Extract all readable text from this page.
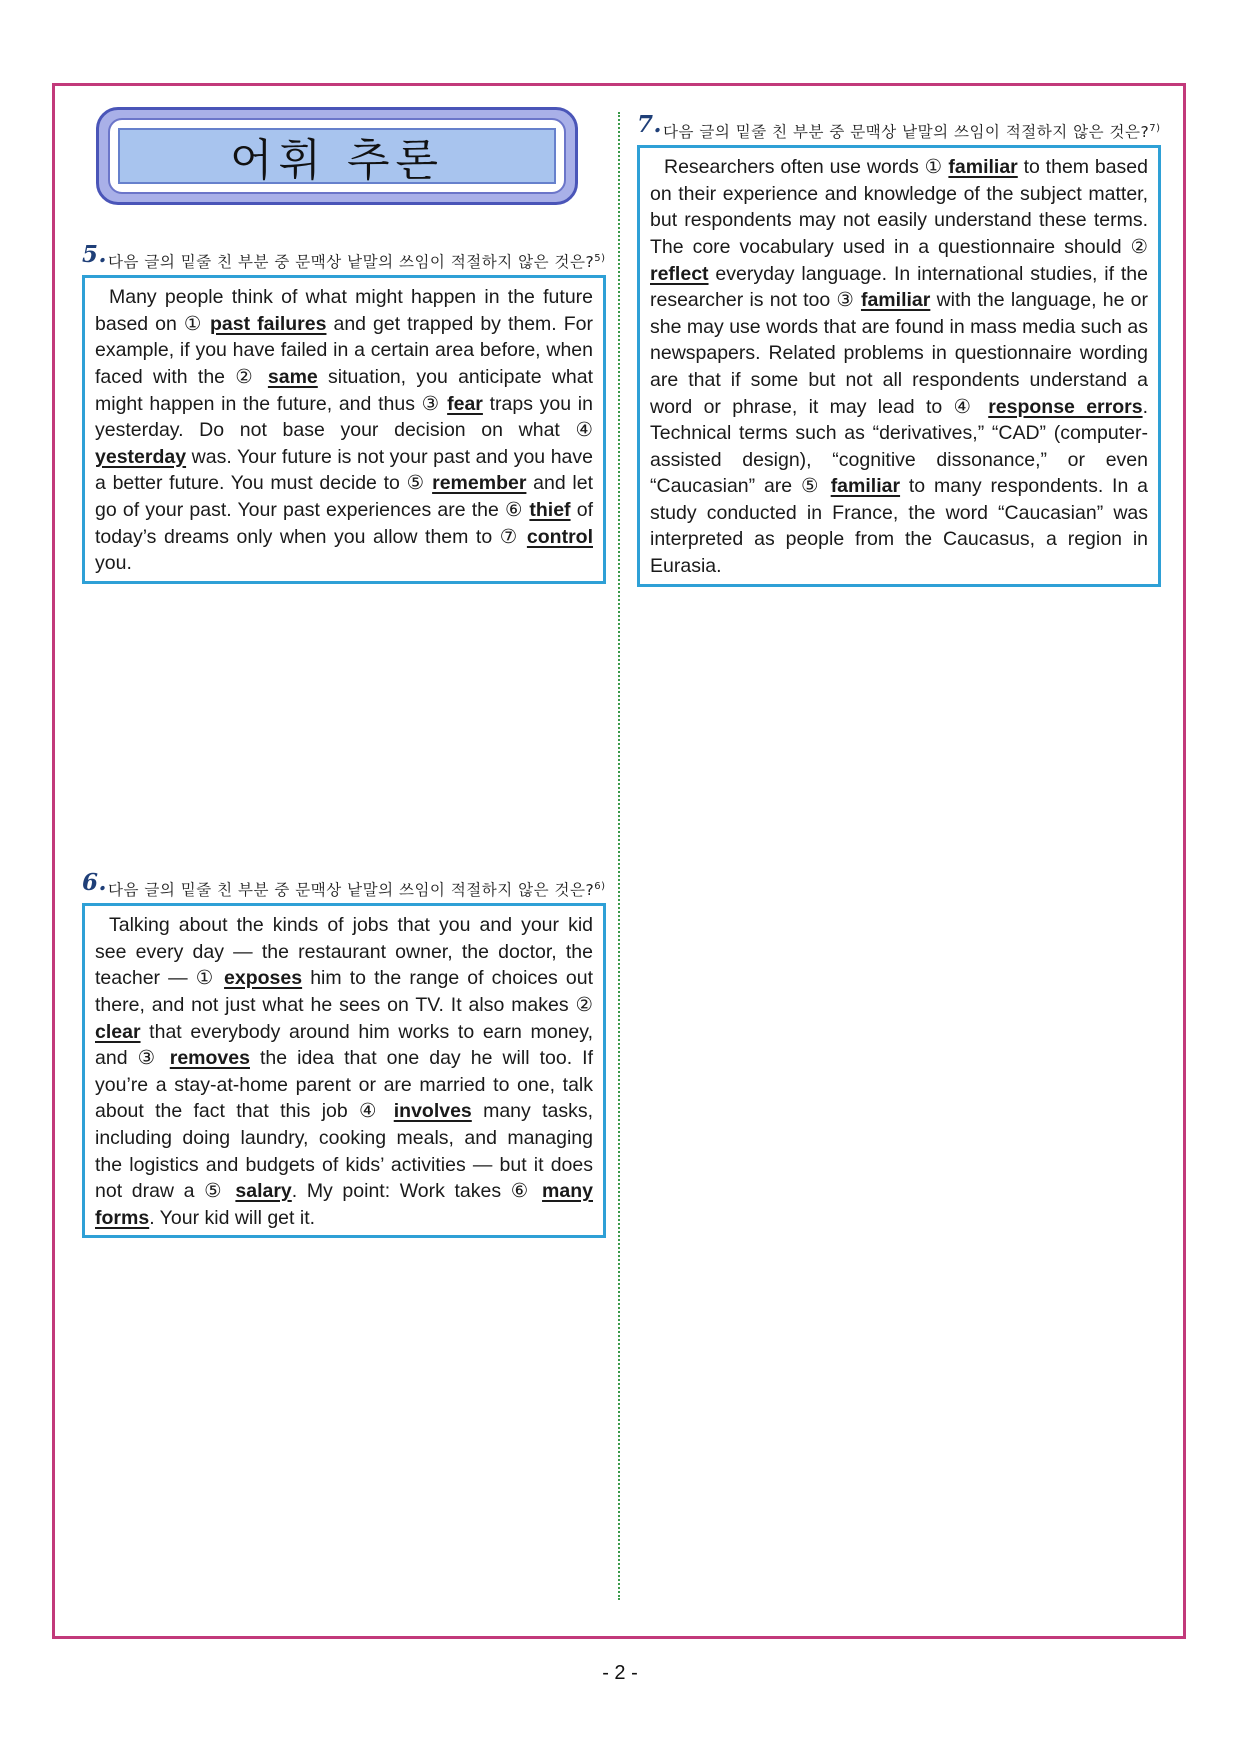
어휘 추론
5. 다음 글의 밑줄 친 부분 중 문맥상 낱말의 쓰임이 적절하지 않은 것은?$^{5)}$

Many people think of what might happen in the future based on ① past failures and get trapped by them. For example, if you have failed in a certain area before, when faced with the ② same situation, you anticipate what might happen in the future, and thus ③ fear traps you in yesterday. Do not base your decision on what ④ yesterday was. Your future is not your past and you have a better future. You must decide to ⑤ remember and let go of your past. Your past experiences are the ⑥ thief of today’s dreams only when you allow them to ⑦ control you.

6. 다음 글의 밑줄 친 부분 중 문맥상 낱말의 쓰임이 적절하지 않은 것은?$^{6)}$

Talking about the kinds of jobs that you and your kid see every day — the restaurant owner, the doctor, the teacher — ① exposes him to the range of choices out there, and not just what he sees on TV. It also makes ② clear that everybody around him works to earn money, and ③ removes the idea that one day he will too. If you’re a stay-at-home parent or are married to one, talk about the fact that this job ④ involves many tasks, including doing laundry, cooking meals, and managing the logistics and budgets of kids’ activities — but it does not draw a ⑤ salary. My point: Work takes ⑥ many forms. Your kid will get it.

7. 다음 글의 밑줄 친 부분 중 문맥상 낱말의 쓰임이 적절하지 않은 것은?$^{7)}$

Researchers often use words ① familiar to them based on their experience and knowledge of the subject matter, but respondents may not easily understand these terms. The core vocabulary used in a questionnaire should ② reflect everyday language. In international studies, if the researcher is not too ③ familiar with the language, he or she may use words that are found in mass media such as newspapers. Related problems in questionnaire wording are that if some but not all respondents understand a word or phrase, it may lead to ④ response errors. Technical terms such as “derivatives,” “CAD” (computer-assisted design), “cognitive dissonance,” or even “Caucasian” are ⑤ familiar to many respondents. In a study conducted in France, the word “Caucasian” was interpreted as people from the Caucasus, a region in Eurasia.

- 2 -
